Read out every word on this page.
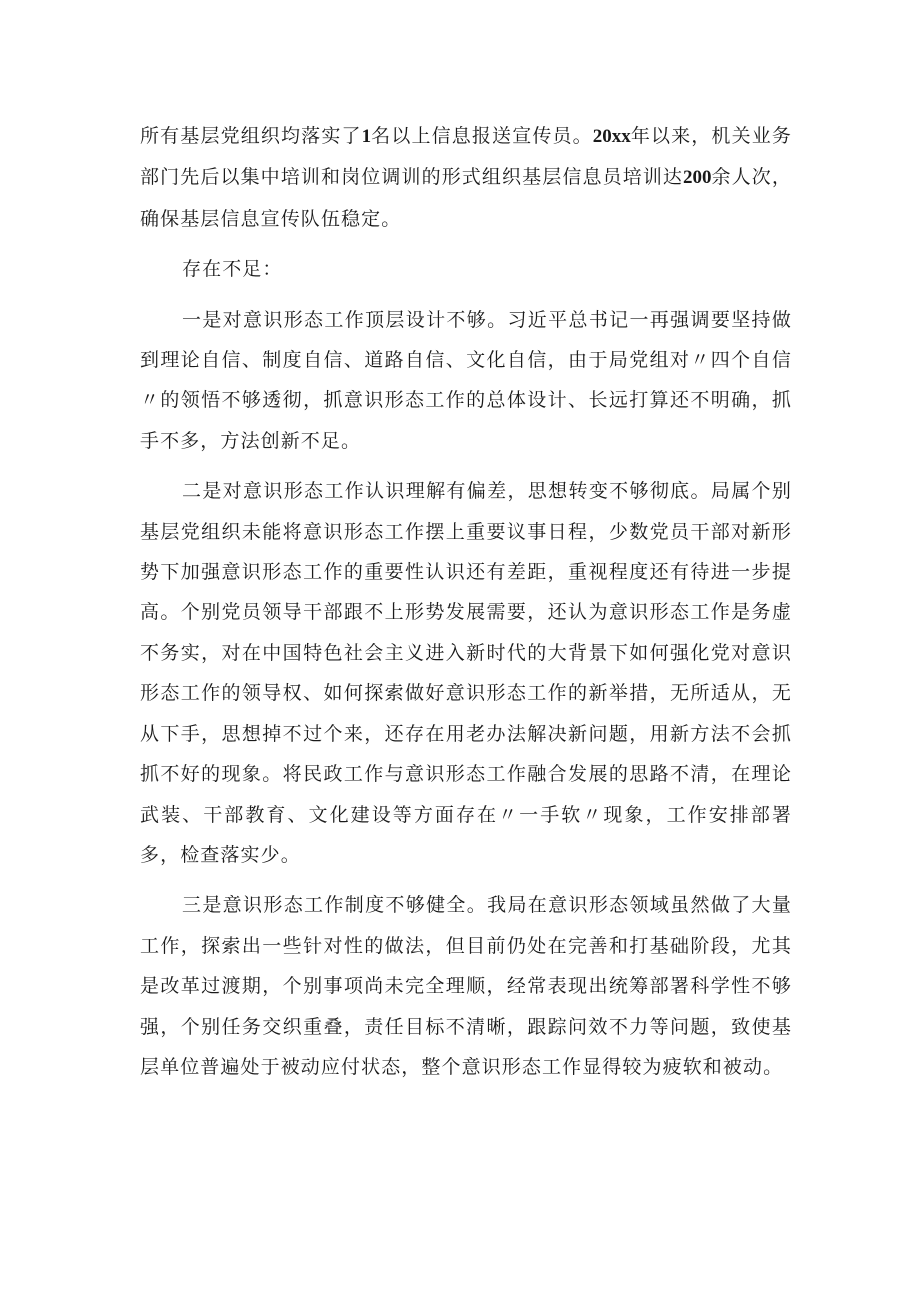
所有基层党组织均落实了1名以上信息报送宣传员。20xx年以来，机关业务部门先后以集中培训和岗位调训的形式组织基层信息员培训达200余人次，确保基层信息宣传队伍稳定。

存在不足：

一是对意识形态工作顶层设计不够。习近平总书记一再强调要坚持做到理论自信、制度自信、道路自信、文化自信，由于局党组对〃四个自信〃的领悟不够透彻，抓意识形态工作的总体设计、长远打算还不明确，抓手不多，方法创新不足。

二是对意识形态工作认识理解有偏差，思想转变不够彻底。局属个别基层党组织未能将意识形态工作摆上重要议事日程，少数党员干部对新形势下加强意识形态工作的重要性认识还有差距，重视程度还有待进一步提高。个别党员领导干部跟不上形势发展需要，还认为意识形态工作是务虚不务实，对在中国特色社会主义进入新时代的大背景下如何强化党对意识形态工作的领导权、如何探索做好意识形态工作的新举措，无所适从，无从下手，思想掉不过个来，还存在用老办法解决新问题，用新方法不会抓抓不好的现象。将民政工作与意识形态工作融合发展的思路不清，在理论武装、干部教育、文化建设等方面存在〃一手软〃现象，工作安排部署多，检查落实少。

三是意识形态工作制度不够健全。我局在意识形态领域虽然做了大量工作，探索出一些针对性的做法，但目前仍处在完善和打基础阶段，尤其是改革过渡期，个别事项尚未完全理顺，经常表现出统筹部署科学性不够强，个别任务交织重叠，责任目标不清晰，跟踪问效不力等问题，致使基层单位普遍处于被动应付状态，整个意识形态工作显得较为疲软和被动。
